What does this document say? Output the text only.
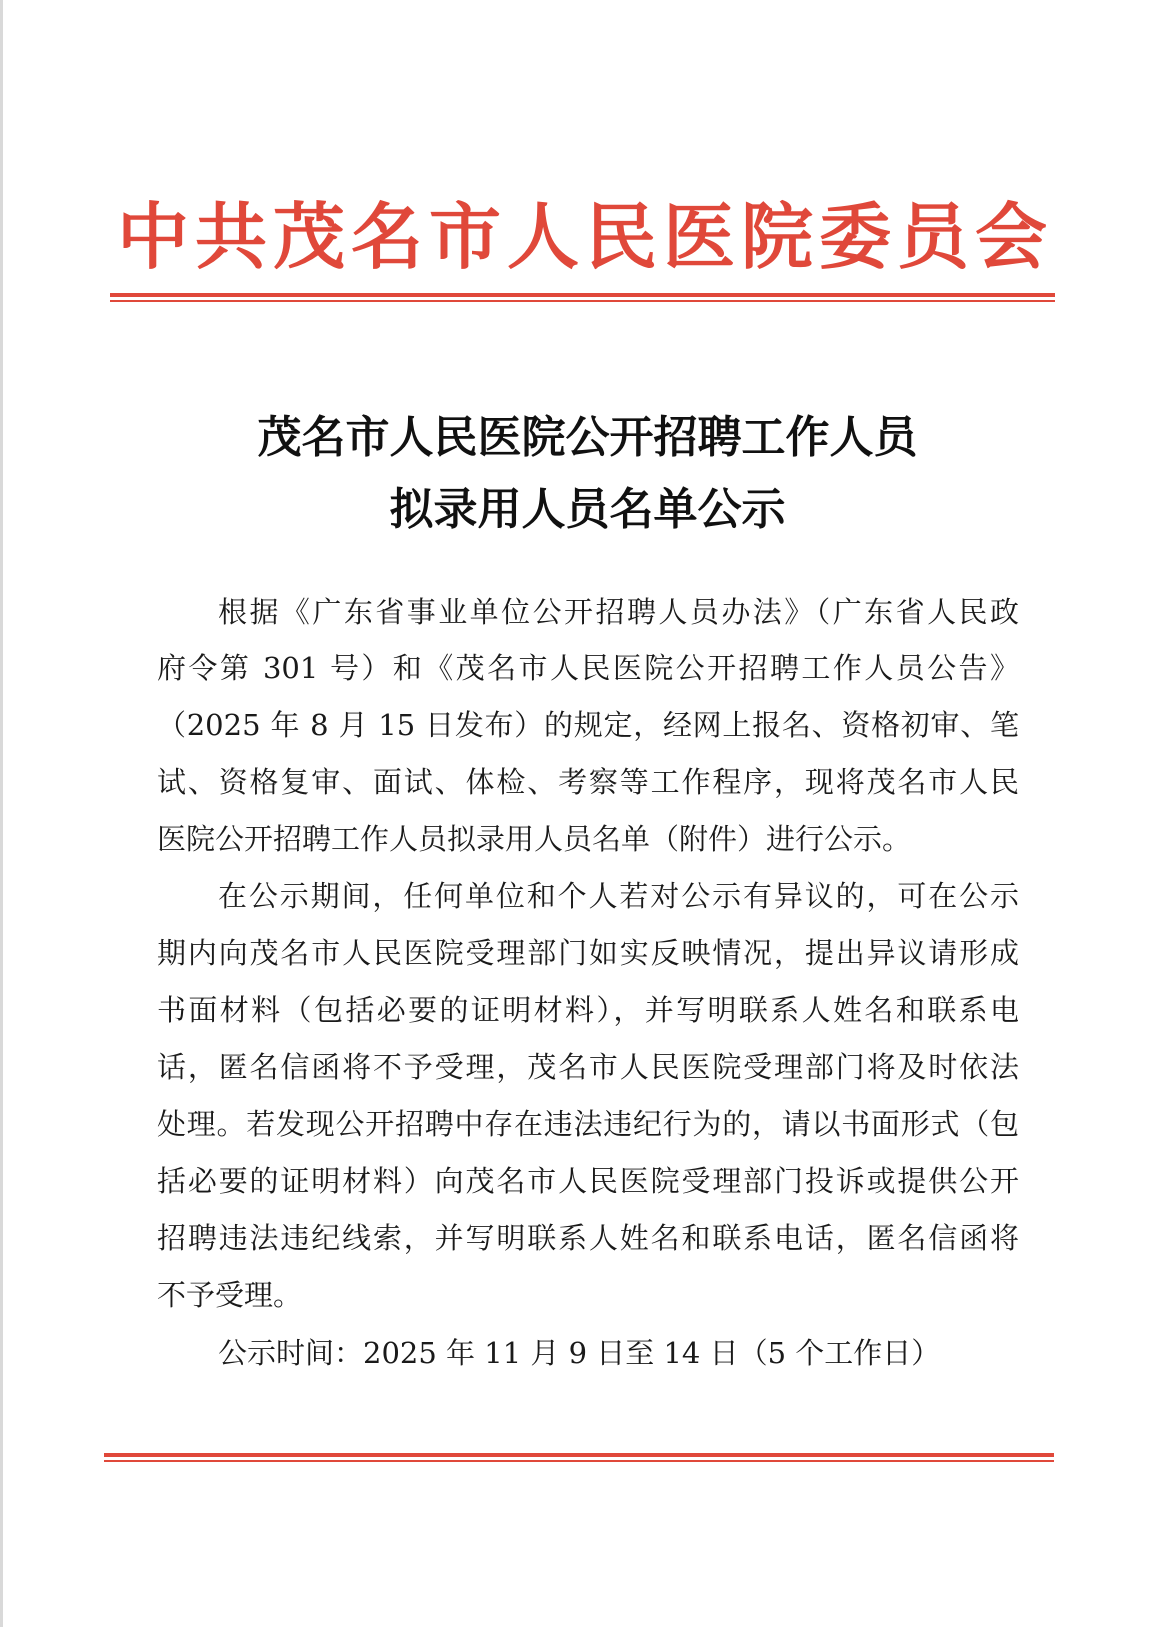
中共茂名市人民医院委员会
茂名市人民医院公开招聘工作人员
拟录用人员名单公示
根据《广东省事业单位公开招聘人员办法》（广东省人民政
府令第 301 号）和《茂名市人民医院公开招聘工作人员公告》
（2025 年 8 月 15 日发布）的规定，经网上报名、资格初审、笔
试、资格复审、面试、体检、考察等工作程序，现将茂名市人民
医院公开招聘工作人员拟录用人员名单（附件）进行公示。
在公示期间，任何单位和个人若对公示有异议的，可在公示
期内向茂名市人民医院受理部门如实反映情况，提出异议请形成
书面材料（包括必要的证明材料），并写明联系人姓名和联系电
话，匿名信函将不予受理，茂名市人民医院受理部门将及时依法
处理。若发现公开招聘中存在违法违纪行为的，请以书面形式（包
括必要的证明材料）向茂名市人民医院受理部门投诉或提供公开
招聘违法违纪线索，并写明联系人姓名和联系电话，匿名信函将
不予受理。
公示时间：2025 年 11 月 9 日至 14 日（5 个工作日）
